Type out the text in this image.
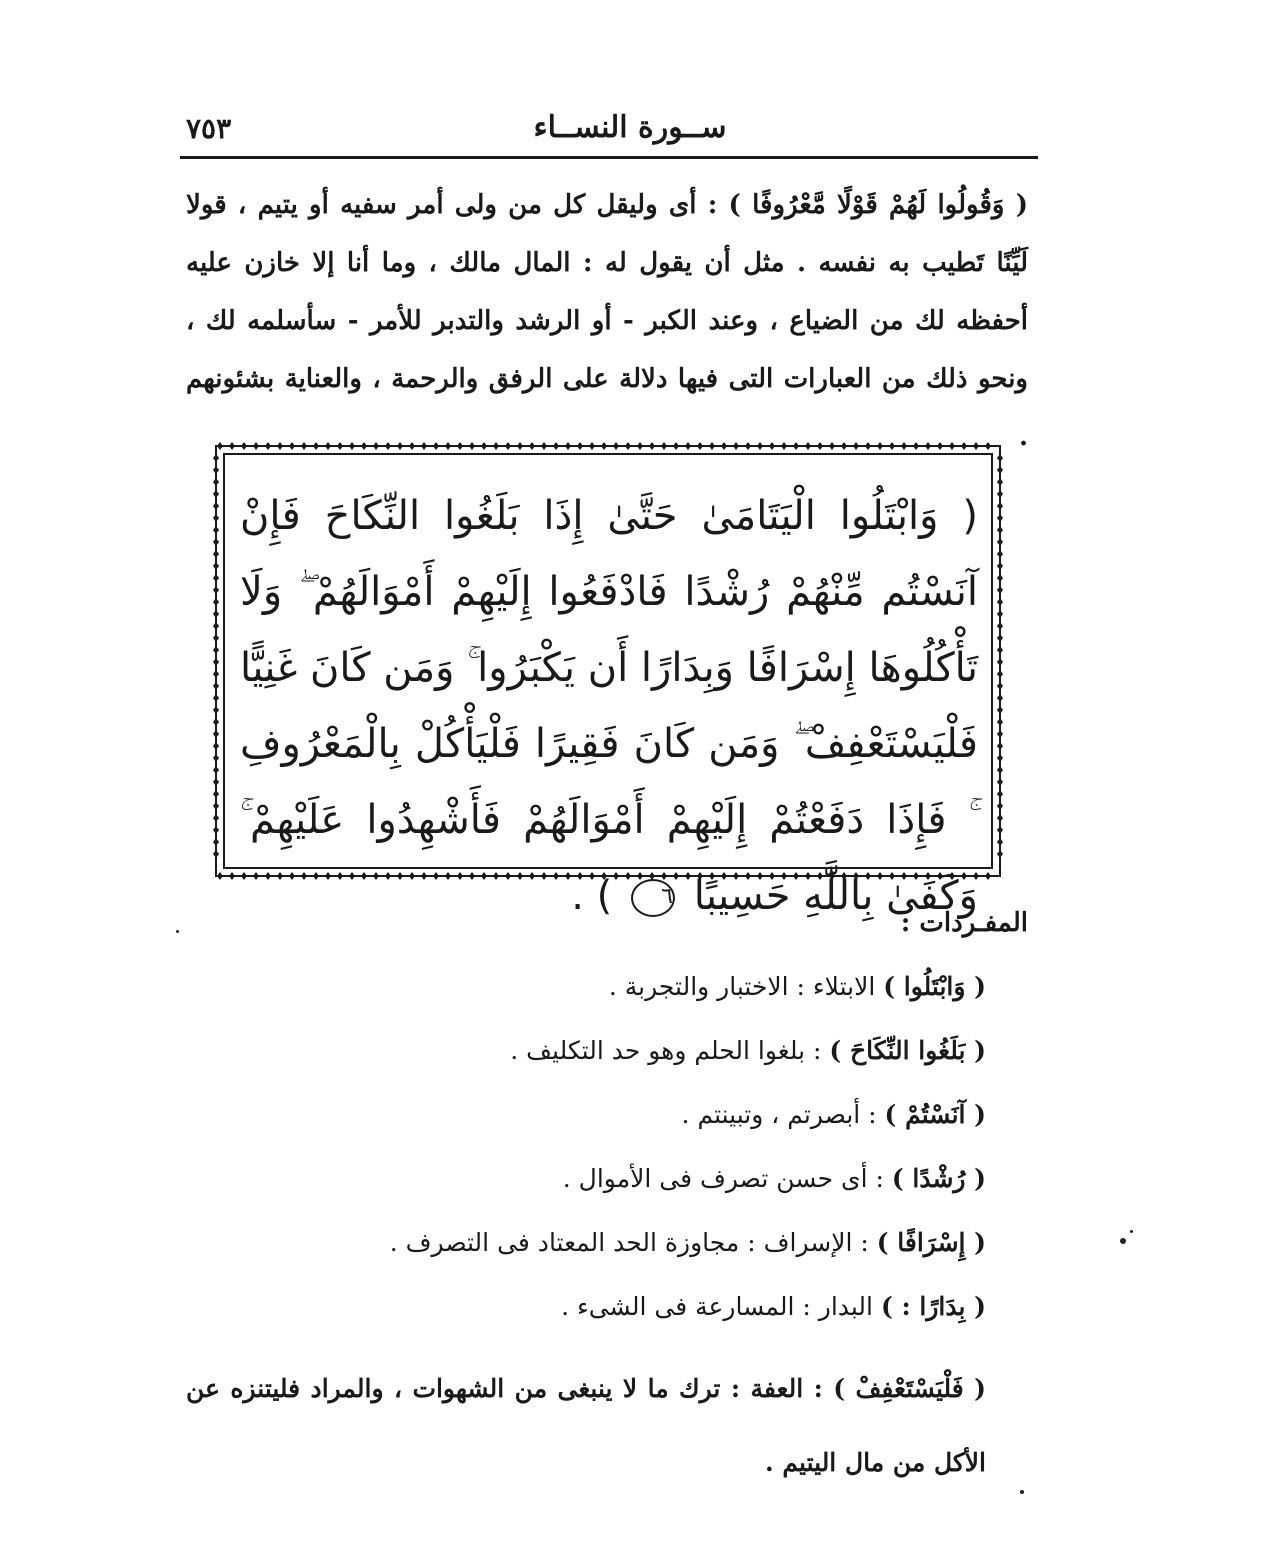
٧٥٣	ســورة النســاء

( وَقُولُوا لَهُمْ قَوْلًا مَّعْرُوفًا ) : أى وليقل كل من ولى أمر سفيه أو يتيم ، قولا لَيِّنًا تَطيب به نفسه . مثل أن يقول له : المال مالك ، وما أنا إلا خازن عليه أحفظه لك من الضياع ، وعند الكبر - أو الرشد والتدبر للأمر - سأسلمه لك ، ونحو ذلك من العبارات التى فيها دلالة على الرفق والرحمة ، والعناية بشئونهم .

( وَابْتَلُوا الْيَتَامَىٰ حَتَّىٰ إِذَا بَلَغُوا النِّكَاحَ فَإِنْ آنَسْتُم مِّنْهُمْ رُشْدًا فَادْفَعُوا إِلَيْهِمْ أَمْوَالَهُمْ ۖ وَلَا تَأْكُلُوهَا إِسْرَافًا وَبِدَارًا أَن يَكْبَرُوا ۚ وَمَن كَانَ غَنِيًّا فَلْيَسْتَعْفِفْ ۖ وَمَن كَانَ فَقِيرًا فَلْيَأْكُلْ بِالْمَعْرُوفِ ۚ فَإِذَا دَفَعْتُمْ إِلَيْهِمْ أَمْوَالَهُمْ فَأَشْهِدُوا عَلَيْهِمْ ۚ وَكَفَىٰ بِاللَّهِ حَسِيبًا ٦ ) .
المفـردات :
( وَابْتَلُوا ) الابتلاء : الاختبار والتجربة .
( بَلَغُوا النِّكَاحَ ) : بلغوا الحلم وهو حد التكليف .
( آنَسْتُمْ ) : أبصرتم ، وتبينتم .
( رُشْدًا ) : أى حسن تصرف فى الأموال .
( إِسْرَافًا ) : الإسراف : مجاوزة الحد المعتاد فى التصرف .
( بِدَارًا : ) البدار : المسارعة فى الشىء .

( فَلْيَسْتَعْفِفْ ) : العفة : ترك ما لا ينبغى من الشهوات ، والمراد فليتنزه عن الأكل من مال اليتيم .
